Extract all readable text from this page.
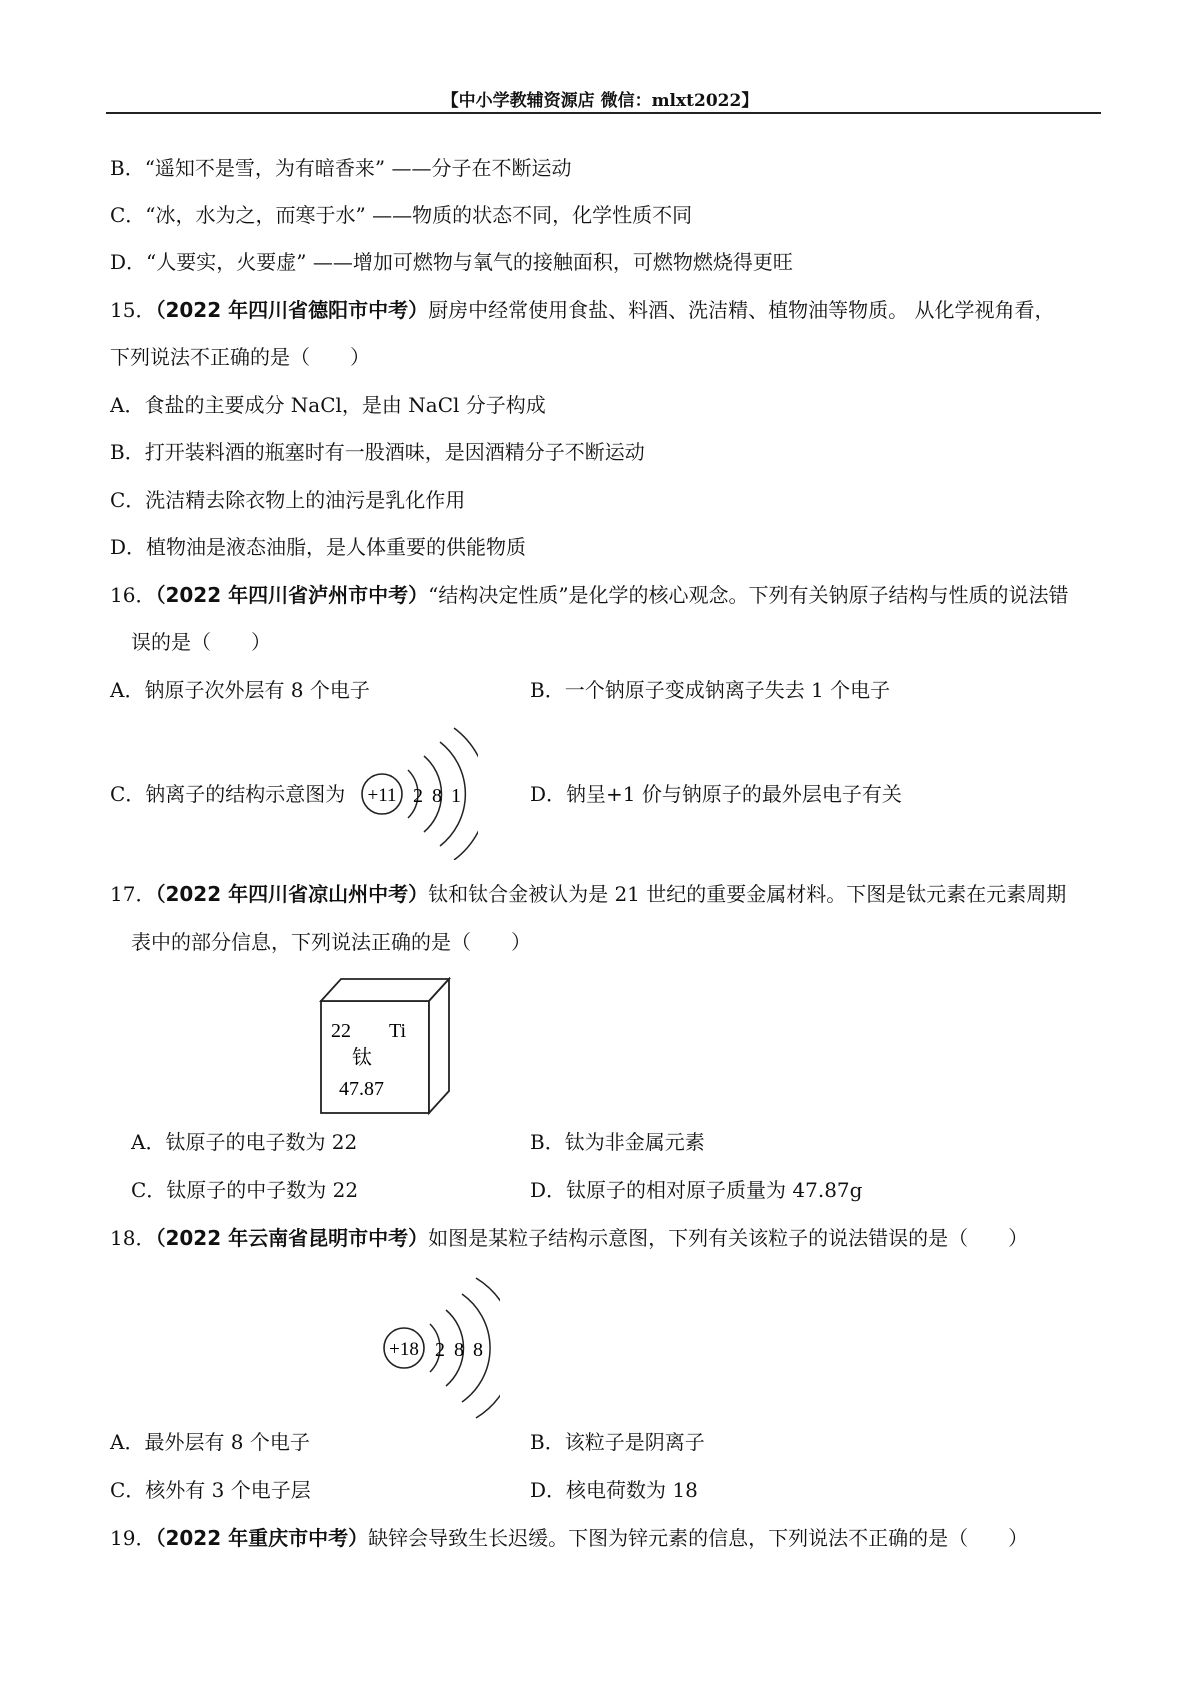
【中小学教辅资源店 微信：mlxt2022】
B．“遥知不是雪，为有暗香来” ——分子在不断运动
C．“冰，水为之，而寒于水” ——物质的状态不同，化学性质不同
D．“人要实，火要虚” ——增加可燃物与氧气的接触面积，可燃物燃烧得更旺
15．（2022 年四川省德阳市中考）厨房中经常使用食盐、料酒、洗洁精、植物油等物质。 从化学视角看，
下列说法不正确的是（　　）
A．食盐的主要成分 NaCl，是由 NaCl 分子构成
B．打开装料酒的瓶塞时有一股酒味，是因酒精分子不断运动
C．洗洁精去除衣物上的油污是乳化作用
D．植物油是液态油脂，是人体重要的供能物质
16．（2022 年四川省泸州市中考）“结构决定性质”是化学的核心观念。下列有关钠原子结构与性质的说法错
误的是（　　）
A．钠原子次外层有 8 个电子	B．一个钠原子变成钠离子失去 1 个电子
C．钠离子的结构示意图为	D．钠呈+1 价与钠原子的最外层电子有关
+11 2 8 1
17．（2022 年四川省凉山州中考）钛和钛合金被认为是 21 世纪的重要金属材料。下图是钛元素在元素周期
表中的部分信息，下列说法正确的是（　　）
22 Ti
钛
47.87
A．钛原子的电子数为 22	B．钛为非金属元素
C．钛原子的中子数为 22	D．钛原子的相对原子质量为 47.87g
18．（2022 年云南省昆明市中考）如图是某粒子结构示意图，下列有关该粒子的说法错误的是（　　）
+18 2 8 8
A．最外层有 8 个电子	B．该粒子是阴离子
C．核外有 3 个电子层	D．核电荷数为 18
19．（2022 年重庆市中考）缺锌会导致生长迟缓。下图为锌元素的信息，下列说法不正确的是（　　）
